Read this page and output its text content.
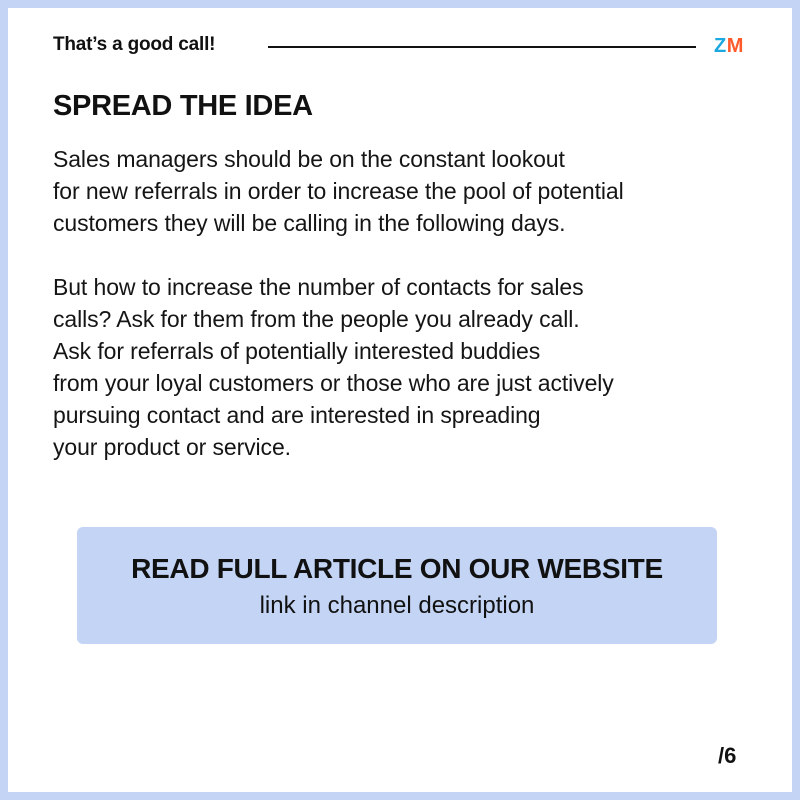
That’s a good call!	ZM
SPREAD THE IDEA

Sales managers should be on the constant lookout
for new referrals in order to increase the pool of potential
customers they will be calling in the following days.

But how to increase the number of contacts for sales
calls? Ask for them from the people you already call.
Ask for referrals of potentially interested buddies
from your loyal customers or those who are just actively
pursuing contact and are interested in spreading
your product or service.

READ FULL ARTICLE ON OUR WEBSITE
link in channel description
/6
